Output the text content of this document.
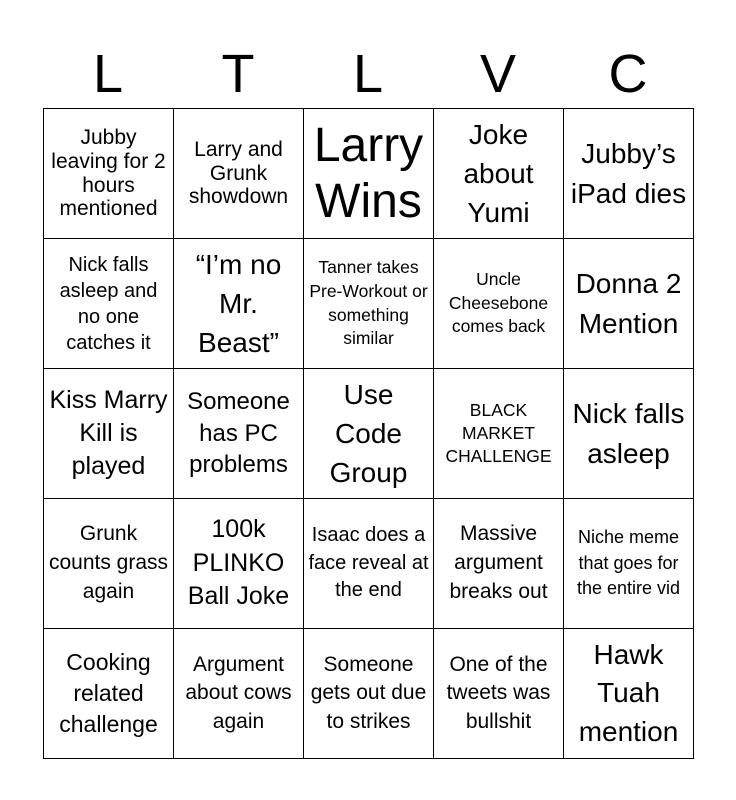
L	T	L	V	C
Jubby leaving for 2 hours mentioned	Larry and Grunk showdown	Larry Wins	Joke about Yumi	Jubby’s iPad dies

Nick falls asleep and no one catches it	“I’m no Mr. Beast”	Tanner takes Pre-Workout or something similar	Uncle Cheesebone comes back	Donna 2 Mention

Kiss Marry Kill is played	Someone has PC problems	Use Code Group	BLACK MARKET CHALLENGE	Nick falls asleep

Grunk counts grass again	100k PLINKO Ball Joke	Isaac does a face reveal at the end	Massive argument breaks out	Niche meme that goes for the entire vid

Cooking related challenge	Argument about cows again	Someone gets out due to strikes	One of the tweets was bullshit	Hawk Tuah mention
